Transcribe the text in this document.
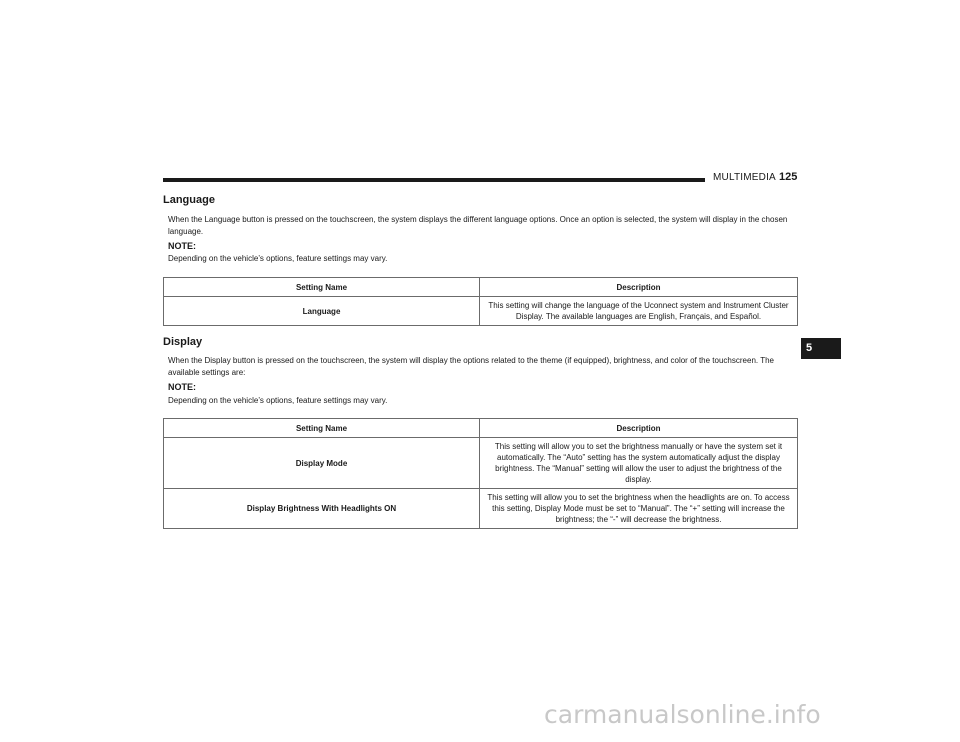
MULTIMEDIA 125
5
Language
When the Language button is pressed on the touchscreen, the system displays the different language options. Once an option is selected, the system will display in the chosen language.
NOTE:
Depending on the vehicle’s options, feature settings may vary.
Setting Name	Description
Language	This setting will change the language of the Uconnect system and Instrument Cluster Display. The available languages are English, Français, and Español.
Display
When the Display button is pressed on the touchscreen, the system will display the options related to the theme (if equipped), brightness, and color of the touchscreen. The available settings are:
NOTE:
Depending on the vehicle’s options, feature settings may vary.
Setting Name	Description
Display Mode	This setting will allow you to set the brightness manually or have the system set it automatically. The “Auto” setting has the system automatically adjust the display brightness. The “Manual” setting will allow the user to adjust the brightness of the display.
Display Brightness With Headlights ON	This setting will allow you to set the brightness when the headlights are on. To access this setting, Display Mode must be set to “Manual”. The “+” setting will increase the brightness; the “-” will decrease the brightness.
carmanualsonline.info
